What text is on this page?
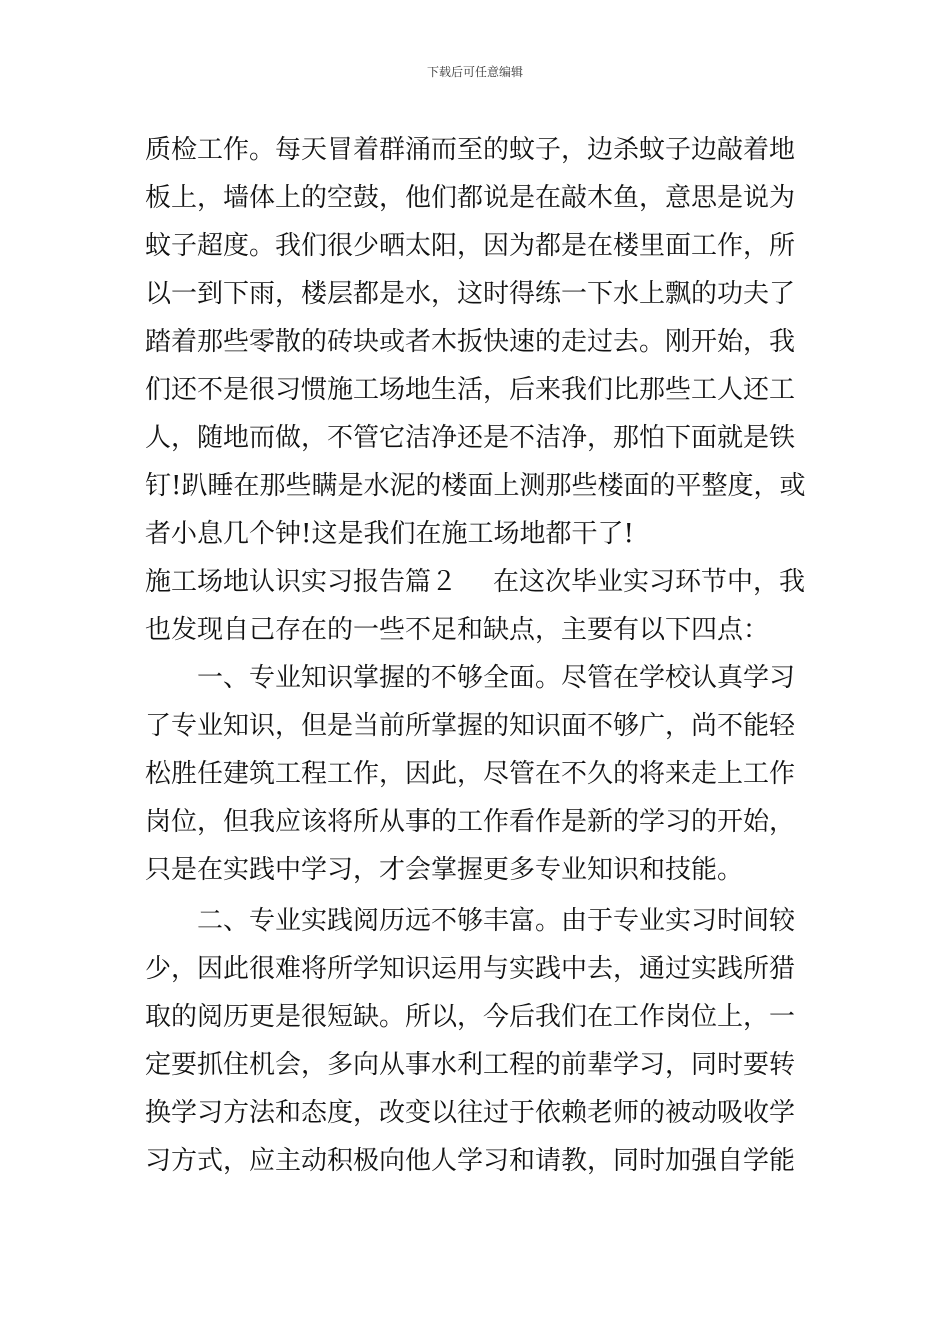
下载后可任意编辑
质检工作。每天冒着群涌而至的蚊子，边杀蚊子边敲着地
板上，墙体上的空鼓，他们都说是在敲木鱼，意思是说为
蚊子超度。我们很少晒太阳，因为都是在楼里面工作，所
以一到下雨，楼层都是水，这时得练一下水上飘的功夫了
踏着那些零散的砖块或者木扳快速的走过去。刚开始，我
们还不是很习惯施工场地生活，后来我们比那些工人还工
人，随地而做，不管它洁净还是不洁净，那怕下面就是铁
钉!趴睡在那些瞒是水泥的楼面上测那些楼面的平整度，或
者小息几个钟!这是我们在施工场地都干了!
施工场地认识实习报告篇２ 在这次毕业实习环节中，我
也发现自己存在的一些不足和缺点，主要有以下四点：
一、专业知识掌握的不够全面。尽管在学校认真学习
了专业知识，但是当前所掌握的知识面不够广，尚不能轻
松胜任建筑工程工作，因此，尽管在不久的将来走上工作
岗位，但我应该将所从事的工作看作是新的学习的开始，
只是在实践中学习，才会掌握更多专业知识和技能。
二、专业实践阅历远不够丰富。由于专业实习时间较
少，因此很难将所学知识运用与实践中去，通过实践所猎
取的阅历更是很短缺。所以，今后我们在工作岗位上，一
定要抓住机会，多向从事水利工程的前辈学习，同时要转
换学习方法和态度，改变以往过于依赖老师的被动吸收学
习方式，应主动积极向他人学习和请教，同时加强自学能
